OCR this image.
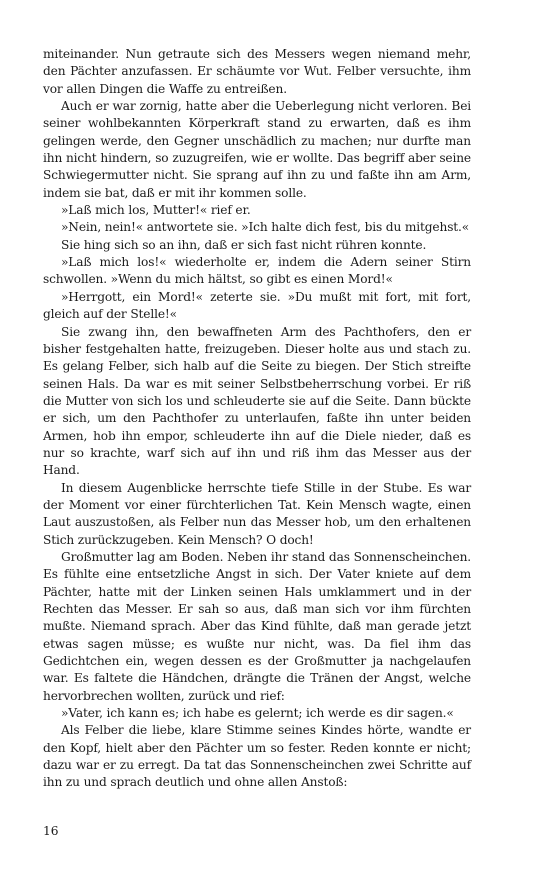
miteinander. Nun getraute sich des Messers wegen niemand mehr, den Pächter anzufassen. Er schäumte vor Wut. Felber versuchte, ihm vor allen Dingen die Waffe zu entreißen.

Auch er war zornig, hatte aber die Ueberlegung nicht verloren. Bei seiner wohlbekannten Körperkraft stand zu erwarten, daß es ihm gelingen werde, den Gegner unschädlich zu machen; nur durfte man ihn nicht hindern, so zuzugreifen, wie er wollte. Das begriff aber seine Schwiegermutter nicht. Sie sprang auf ihn zu und faßte ihn am Arm, indem sie bat, daß er mit ihr kommen solle.

»Laß mich los, Mutter!« rief er.

»Nein, nein!« antwortete sie. »Ich halte dich fest, bis du mitgehst.«

Sie hing sich so an ihn, daß er sich fast nicht rühren konnte.

»Laß mich los!« wiederholte er, indem die Adern seiner Stirn schwollen. »Wenn du mich hältst, so gibt es einen Mord!«

»Herrgott, ein Mord!« zeterte sie. »Du mußt mit fort, mit fort, gleich auf der Stelle!«

Sie zwang ihn, den bewaffneten Arm des Pachthofers, den er bisher festgehalten hatte, freizugeben. Dieser holte aus und stach zu. Es gelang Felber, sich halb auf die Seite zu biegen. Der Stich streifte seinen Hals. Da war es mit seiner Selbstbeherrschung vorbei. Er riß die Mutter von sich los und schleuderte sie auf die Seite. Dann bückte er sich, um den Pachthofer zu unterlaufen, faßte ihn unter beiden Armen, hob ihn empor, schleuderte ihn auf die Diele nieder, daß es nur so krachte, warf sich auf ihn und riß ihm das Messer aus der Hand.

In diesem Augenblicke herrschte tiefe Stille in der Stube. Es war der Moment vor einer fürchterlichen Tat. Kein Mensch wagte, einen Laut auszustoßen, als Felber nun das Messer hob, um den erhaltenen Stich zurückzugeben. Kein Mensch? O doch!

Großmutter lag am Boden. Neben ihr stand das Sonnenscheinchen. Es fühlte eine entsetzliche Angst in sich. Der Vater kniete auf dem Pächter, hatte mit der Linken seinen Hals umklammert und in der Rechten das Messer. Er sah so aus, daß man sich vor ihm fürchten mußte. Niemand sprach. Aber das Kind fühlte, daß man gerade jetzt etwas sagen müsse; es wußte nur nicht, was. Da fiel ihm das Gedichtchen ein, wegen dessen es der Großmutter ja nachgelaufen war. Es faltete die Händchen, drängte die Tränen der Angst, welche hervorbrechen wollten, zurück und rief:

»Vater, ich kann es; ich habe es gelernt; ich werde es dir sagen.«

Als Felber die liebe, klare Stimme seines Kindes hörte, wandte er den Kopf, hielt aber den Pächter um so fester. Reden konnte er nicht; dazu war er zu erregt. Da tat das Sonnenscheinchen zwei Schritte auf ihn zu und sprach deutlich und ohne allen Anstoß:

16
